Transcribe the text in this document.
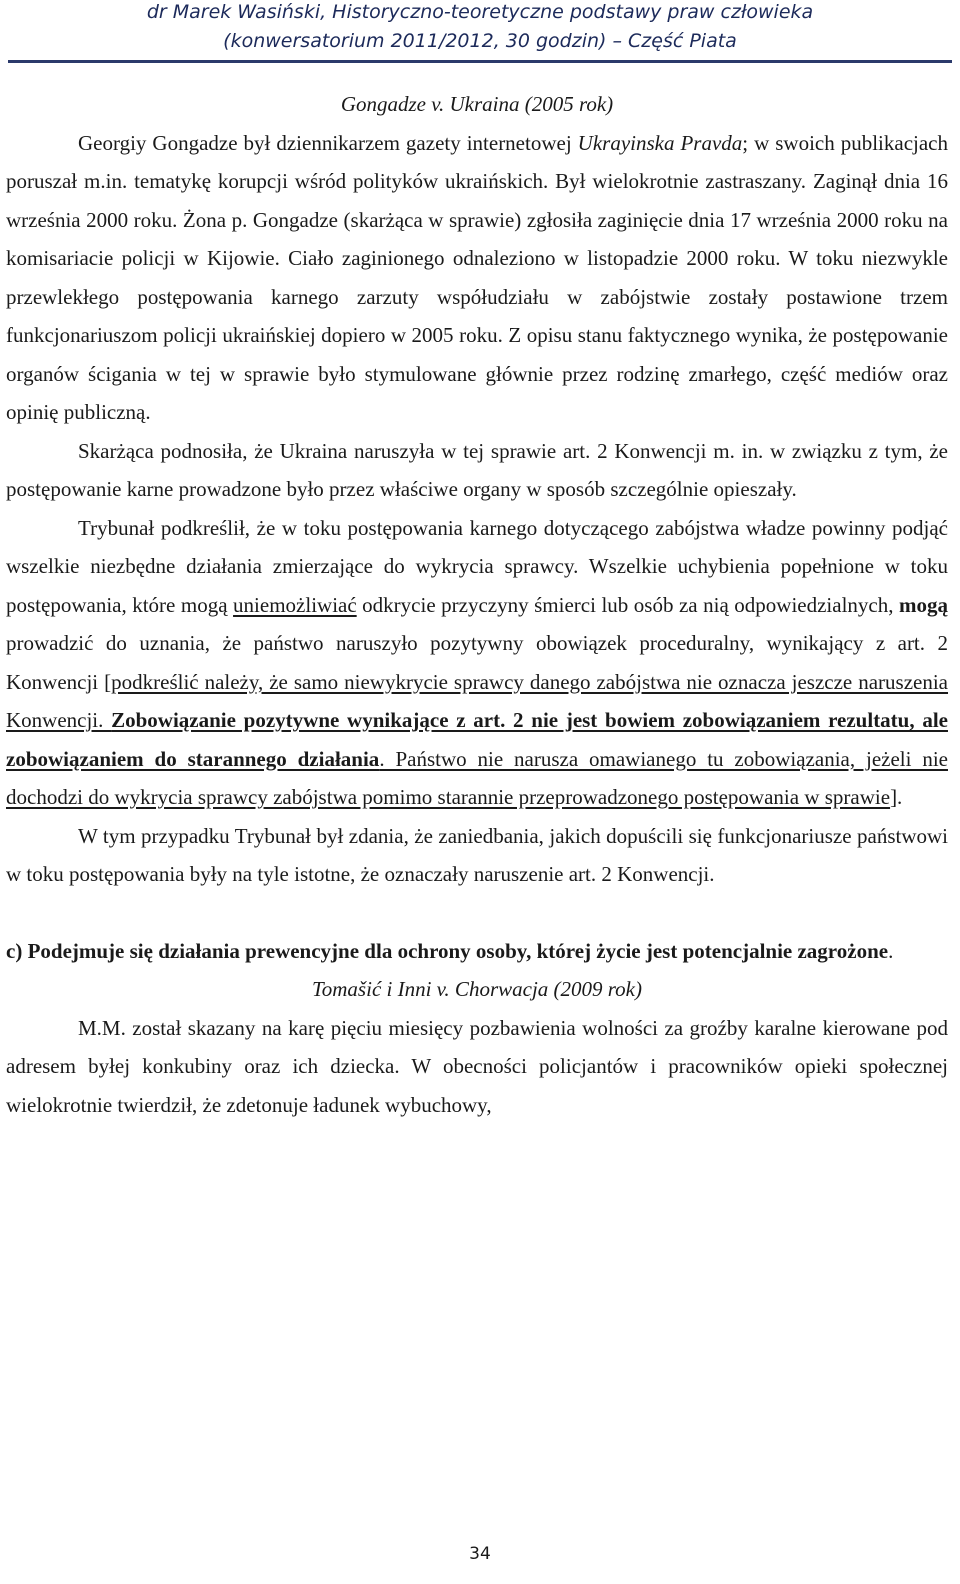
dr Marek Wasiński, Historyczno-teoretyczne podstawy praw człowieka
(konwersatorium 2011/2012, 30 godzin) – Część Piata

Gongadze v. Ukraina (2005 rok)

Georgiy Gongadze był dziennikarzem gazety internetowej Ukrayinska Pravda; w swoich publikacjach poruszał m.in. tematykę korupcji wśród polityków ukraińskich. Był wielokrotnie zastraszany. Zaginął dnia 16 września 2000 roku. Żona p. Gongadze (skarżąca w sprawie) zgłosiła zaginięcie dnia 17 września 2000 roku na komisariacie policji w Kijowie. Ciało zaginionego odnaleziono w listopadzie 2000 roku. W toku niezwykle przewlekłego postępowania karnego zarzuty współudziału w zabójstwie zostały postawione trzem funkcjonariuszom policji ukraińskiej dopiero w 2005 roku. Z opisu stanu faktycznego wynika, że postępowanie organów ścigania w tej w sprawie było stymulowane głównie przez rodzinę zmarłego, część mediów oraz opinię publiczną.

Skarżąca podnosiła, że Ukraina naruszyła w tej sprawie art. 2 Konwencji m. in. w związku z tym, że postępowanie karne prowadzone było przez właściwe organy w sposób szczególnie opieszały.

Trybunał podkreślił, że w toku postępowania karnego dotyczącego zabójstwa władze powinny podjąć wszelkie niezbędne działania zmierzające do wykrycia sprawcy. Wszelkie uchybienia popełnione w toku postępowania, które mogą uniemożliwiać odkrycie przyczyny śmierci lub osób za nią odpowiedzialnych, mogą prowadzić do uznania, że państwo naruszyło pozytywny obowiązek proceduralny, wynikający z art. 2 Konwencji [podkreślić należy, że samo niewykrycie sprawcy danego zabójstwa nie oznacza jeszcze naruszenia Konwencji. Zobowiązanie pozytywne wynikające z art. 2 nie jest bowiem zobowiązaniem rezultatu, ale zobowiązaniem do starannego działania. Państwo nie narusza omawianego tu zobowiązania, jeżeli nie dochodzi do wykrycia sprawcy zabójstwa pomimo starannie przeprowadzonego postępowania w sprawie].

W tym przypadku Trybunał był zdania, że zaniedbania, jakich dopuścili się funkcjonariusze państwowi w toku postępowania były na tyle istotne, że oznaczały naruszenie art. 2 Konwencji.

c) Podejmuje się działania prewencyjne dla ochrony osoby, której życie jest potencjalnie zagrożone.

Tomašić i Inni v. Chorwacja (2009 rok)

M.M. został skazany na karę pięciu miesięcy pozbawienia wolności za groźby karalne kierowane pod adresem byłej konkubiny oraz ich dziecka. W obecności policjantów i pracowników opieki społecznej wielokrotnie twierdził, że zdetonuje ładunek wybuchowy,

34
